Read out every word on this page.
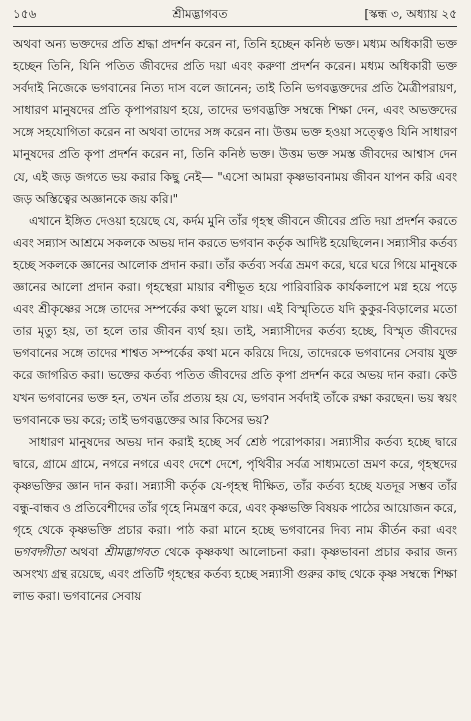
১৫৬	শ্রীমদ্ভাগবত	[স্কন্ধ ৩, অধ্যায় ২৫

অথবা অন্য ভক্তদের প্রতি শ্রদ্ধা প্রদর্শন করেন না, তিনি হচ্ছেন কনিষ্ঠ ভক্ত। মধ্যম অধিকারী ভক্ত হচ্ছেন তিনি, যিনি পতিত জীবদের প্রতি দয়া এবং করুণা প্রদর্শন করেন। মধ্যম অধিকারী ভক্ত সর্বদাই নিজেকে ভগবানের নিত্য দাস বলে জানেন; তাই তিনি ভগবদ্ভক্তদের প্রতি মৈত্রীপরায়ণ, সাধারণ মানুষদের প্রতি কৃপাপরায়ণ হয়ে, তাদের ভগবদ্ভক্তি সম্বন্ধে শিক্ষা দেন, এবং অভক্তদের সঙ্গে সহযোগিতা করেন না অথবা তাদের সঙ্গ করেন না। উত্তম ভক্ত হওয়া সত্ত্বেও যিনি সাধারণ মানুষদের প্রতি কৃপা প্রদর্শন করেন না, তিনি কনিষ্ঠ ভক্ত। উত্তম ভক্ত সমস্ত জীবদের আশ্বাস দেন যে, এই জড় জগতে ভয় করার কিছু নেই— "এসো আমরা কৃষ্ণভাবনাময় জীবন যাপন করি এবং জড় অস্তিত্বের অজ্ঞানকে জয় করি।"

এখানে ইঙ্গিত দেওয়া হয়েছে যে, কর্দম মুনি তাঁর গৃহস্থ জীবনে জীবের প্রতি দয়া প্রদর্শন করতে এবং সন্ন্যাস আশ্রমে সকলকে অভয় দান করতে ভগবান কর্তৃক আদিষ্ট হয়েছিলেন। সন্ন্যাসীর কর্তব্য হচ্ছে সকলকে জ্ঞানের আলোক প্রদান করা। তাঁর কর্তব্য সর্বত্র ভ্রমণ করে, ঘরে ঘরে গিয়ে মানুষকে জ্ঞানের আলো প্রদান করা। গৃহস্থেরা মায়ার বশীভূত হয়ে পারিবারিক কার্যকলাপে মগ্ন হয়ে পড়ে এবং শ্রীকৃষ্ণের সঙ্গে তাদের সম্পর্কের কথা ভুলে যায়। এই বিস্মৃতিতে যদি কুকুর-বিড়ালের মতো তার মৃত্যু হয়, তা হলে তার জীবন ব্যর্থ হয়। তাই, সন্ন্যাসীদের কর্তব্য হচ্ছে, বিস্মৃত জীবদের ভগবানের সঙ্গে তাদের শাশ্বত সম্পর্কের কথা মনে করিয়ে দিয়ে, তাদেরকে ভগবানের সেবায় যুক্ত করে জাগরিত করা। ভক্তের কর্তব্য পতিত জীবদের প্রতি কৃপা প্রদর্শন করে অভয় দান করা। কেউ যখন ভগবানের ভক্ত হন, তখন তাঁর প্রত্যয় হয় যে, ভগবান সর্বদাই তাঁকে রক্ষা করছেন। ভয় স্বয়ং ভগবানকে ভয় করে; তাই ভগবদ্ভক্তের আর কিসের ভয়?

সাধারণ মানুষদের অভয় দান করাই হচ্ছে সর্ব শ্রেষ্ঠ পরোপকার। সন্ন্যাসীর কর্তব্য হচ্ছে দ্বারে দ্বারে, গ্রামে গ্রামে, নগরে নগরে এবং দেশে দেশে, পৃথিবীর সর্বত্র সাধ্যমতো ভ্রমণ করে, গৃহস্থদের কৃষ্ণভক্তির জ্ঞান দান করা। সন্ন্যাসী কর্তৃক যে-গৃহস্থ দীক্ষিত, তাঁর কর্তব্য হচ্ছে যতদূর সম্ভব তাঁর বন্ধু-বান্ধব ও প্রতিবেশীদের তাঁর গৃহে নিমন্ত্রণ করে, এবং কৃষ্ণভক্তি বিষয়ক পাঠের আয়োজন করে, গৃহে থেকে কৃষ্ণভক্তি প্রচার করা। পাঠ করা মানে হচ্ছে ভগবানের দিব্য নাম কীর্তন করা এবং ভগবদ্গীতা অথবা শ্রীমদ্ভাগবত থেকে কৃষ্ণকথা আলোচনা করা। কৃষ্ণভাবনা প্রচার করার জন্য অসংখ্য গ্রন্থ রয়েছে, এবং প্রতিটি গৃহস্থের কর্তব্য হচ্ছে সন্ন্যাসী গুরুর কাছ থেকে কৃষ্ণ সম্বন্ধে শিক্ষা লাভ করা। ভগবানের সেবায়
